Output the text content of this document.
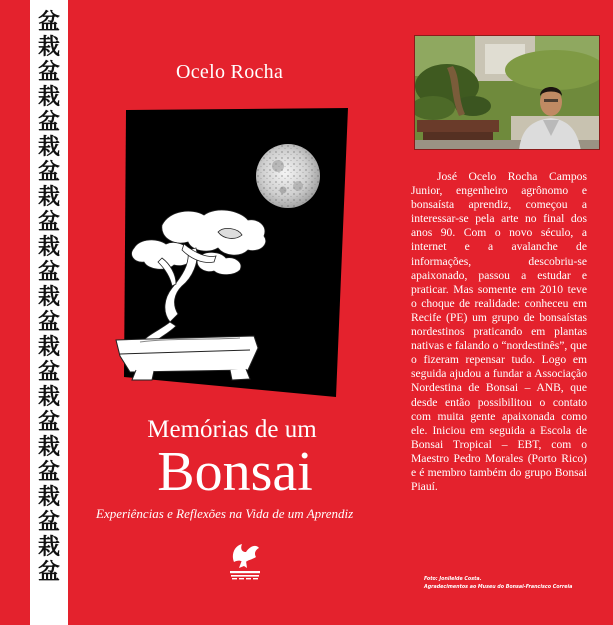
盆
栽
盆
栽
盆
栽
盆
栽
盆
栽
盆
栽
盆
栽
盆
栽
盆
栽
盆
栽
盆
栽
盆
Ocelo Rocha
Memórias de um
Bonsai
Experiências e Reflexões na Vida de um Aprendiz
José Ocelo Rocha Campos Junior, engenheiro agrônomo e bonsaísta aprendiz, começou a interessar-se pela arte no final dos anos 90. Com o novo século, a internet e a avalanche de informações, descobriu-se apaixonado, passou a estudar e praticar. Mas somente em 2010 teve o choque de realidade: conheceu em Recife (PE) um grupo de bonsaístas nordestinos praticando em plantas nativas e falando o “nordestinês”, que o fizeram repensar tudo. Logo em seguida ajudou a fundar a Associação Nordestina de Bonsai – ANB, que desde então possibilitou o contato com muita gente apaixonada como ele. Iniciou em seguida a Escola de Bonsai Tropical – EBT, com o Maestro Pedro Morales (Porto Rico) e é membro também do grupo Bonsai Piauí.
Foto: Jonilelde Costa.
Agradecimentos ao Museu do Bonsai-Francisco Correia
